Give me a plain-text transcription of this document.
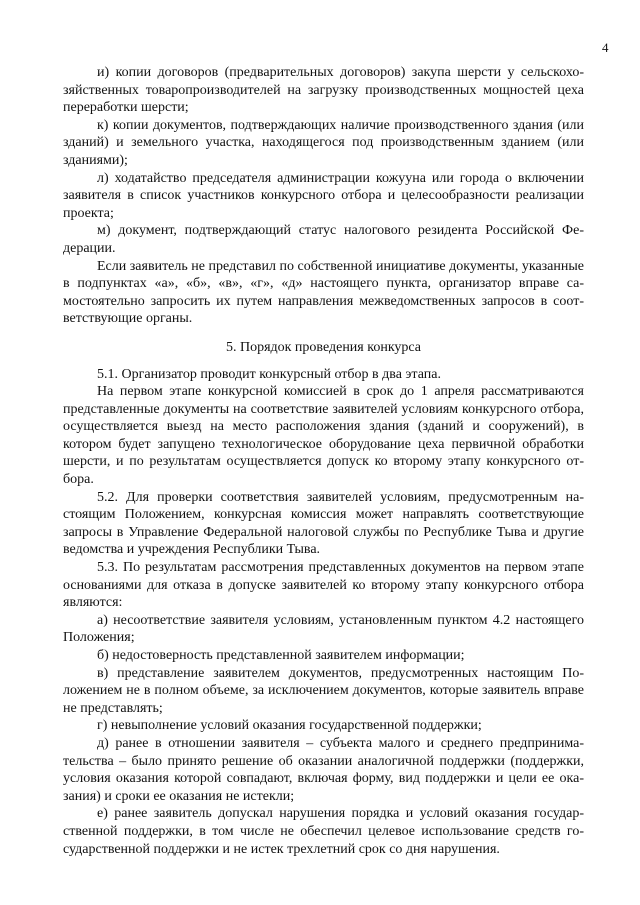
4

и) копии договоров (предварительных договоров) закупа шерсти у сельскохозяйственных товаропроизводителей на загрузку производственных мощностей цеха переработки шерсти;

к) копии документов, подтверждающих наличие производственного здания (или зданий) и земельного участка, находящегося под производственным зданием (или зданиями);

л) ходатайство председателя администрации кожууна или города о включении заявителя в список участников конкурсного отбора и целесообразности реализации проекта;

м) документ, подтверждающий статус налогового резидента Российской Федерации.

Если заявитель не представил по собственной инициативе документы, указанные в подпунктах «а», «б», «в», «г», «д» настоящего пункта, организатор вправе самостоятельно запросить их путем направления межведомственных запросов в соответствующие органы.

5. Порядок проведения конкурса

5.1. Организатор проводит конкурсный отбор в два этапа.

На первом этапе конкурсной комиссией в срок до 1 апреля рассматриваются представленные документы на соответствие заявителей условиям конкурсного отбора, осуществляется выезд на место расположения здания (зданий и сооружений), в котором будет запущено технологическое оборудование цеха первичной обработки шерсти, и по результатам осуществляется допуск ко второму этапу конкурсного отбора.

5.2. Для проверки соответствия заявителей условиям, предусмотренным настоящим Положением, конкурсная комиссия может направлять соответствующие запросы в Управление Федеральной налоговой службы по Республике Тыва и другие ведомства и учреждения Республики Тыва.

5.3. По результатам рассмотрения представленных документов на первом этапе основаниями для отказа в допуске заявителей ко второму этапу конкурсного отбора являются:

а) несоответствие заявителя условиям, установленным пунктом 4.2 настоящего Положения;

б) недостоверность представленной заявителем информации;

в) представление заявителем документов, предусмотренных настоящим Положением не в полном объеме, за исключением документов, которые заявитель вправе не представлять;

г) невыполнение условий оказания государственной поддержки;

д) ранее в отношении заявителя – субъекта малого и среднего предпринимательства – было принято решение об оказании аналогичной поддержки (поддержки, условия оказания которой совпадают, включая форму, вид поддержки и цели ее оказания) и сроки ее оказания не истекли;

е) ранее заявитель допускал нарушения порядка и условий оказания государственной поддержки, в том числе не обеспечил целевое использование средств государственной поддержки и не истек трехлетний срок со дня нарушения.
